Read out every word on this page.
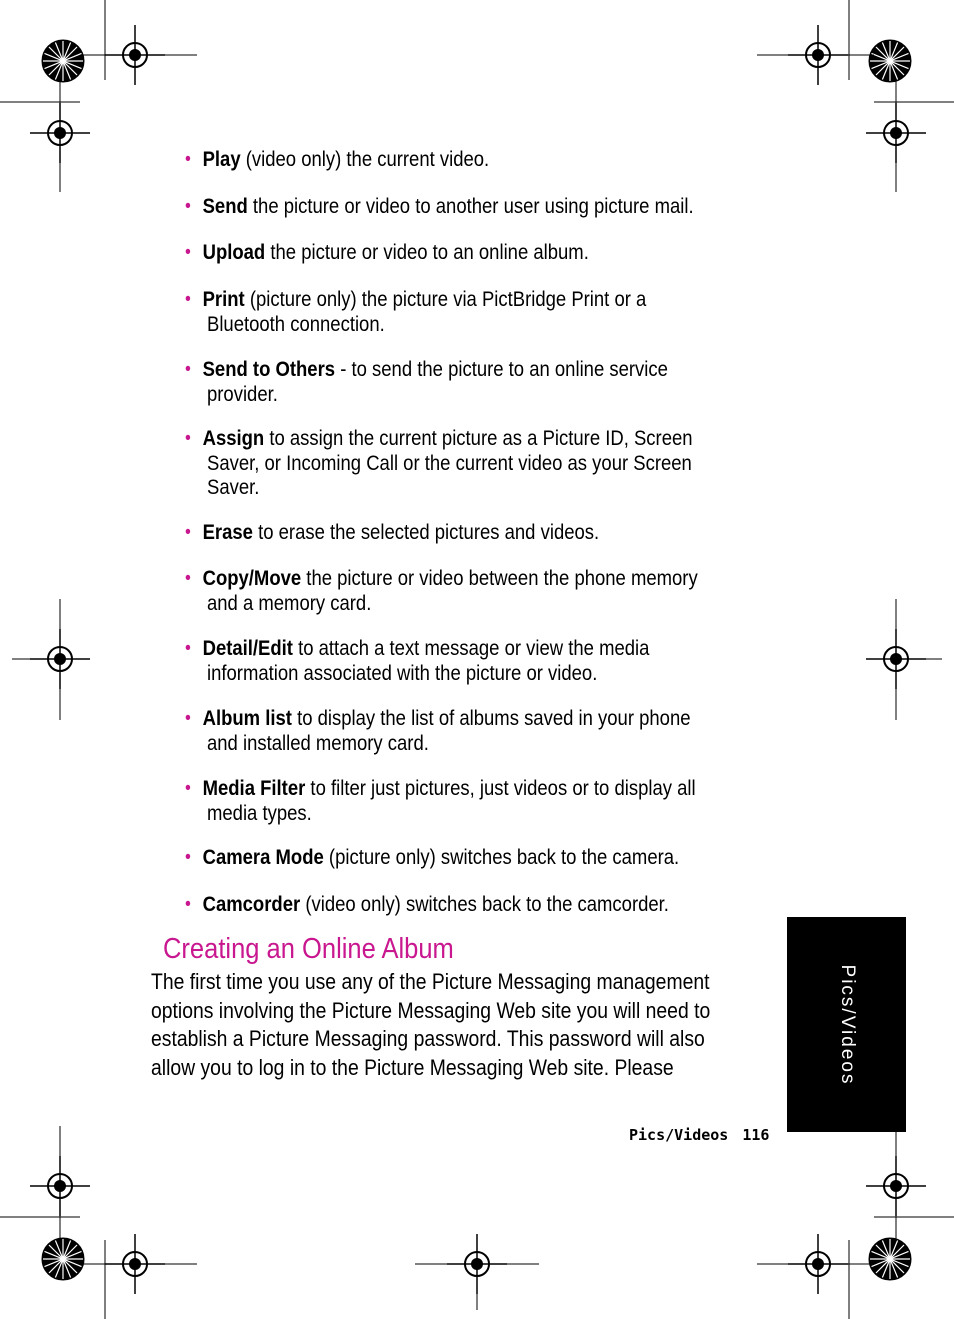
• Play (video only) the current video.
• Send the picture or video to another user using picture mail.
• Upload the picture or video to an online album.
• Print (picture only) the picture via PictBridge Print or a
Bluetooth connection.
• Send to Others - to send the picture to an online service
provider.
• Assign to assign the current picture as a Picture ID, Screen
Saver, or Incoming Call or the current video as your Screen
Saver.
• Erase to erase the selected pictures and videos.
• Copy/Move the picture or video between the phone memory
and a memory card.
• Detail/Edit to attach a text message or view the media
information associated with the picture or video.
• Album list to display the list of albums saved in your phone
and installed memory card.
• Media Filter to filter just pictures, just videos or to display all
media types.
• Camera Mode (picture only) switches back to the camera.
• Camcorder (video only) switches back to the camcorder.
Creating an Online Album
The first time you use any of the Picture Messaging management
options involving the Picture Messaging Web site you will need to
establish a Picture Messaging password. This password will also
allow you to log in to the Picture Messaging Web site. Please	Pics/Videos
Pics/Videos 116
